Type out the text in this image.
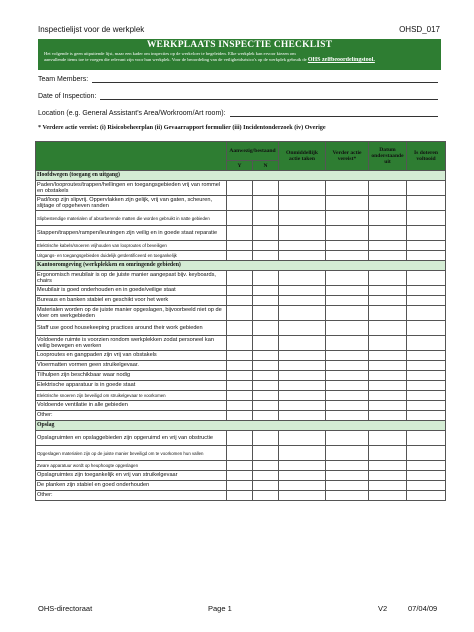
Inspectielijst voor de werkplek	OHSD_017
WERKPLAATS INSPECTIE CHECKLIST
Het volgende is geen uitputtende lijst, maar een kader om inspecties op de werkvloer te begeleiden. Elke werkplek kan ervoor kiezen om
aanvullende items toe te voegen die relevant zijn voor hun werkplek. Voor de beoordeling van de veiligheidsrisico's op de werkplek gebruik de OHS zelfbeoordelingstool.
Team Members:
Date of Inspection:
Location (e.g. General Assistant's Area/Workroom/Art room):
* Verdere actie vereist: (i) Risicobeheerplan (ii) Gevaarrapport formulier (iii) Incidentonderzoek (iv) Overige
	Aanwezig/bestaand		Onmiddellijk actie taken	Verder actie vereist*	Datum onderstaande uit	Is doteren voltooid
	Y	N				
Hoofdwegen (toegang en uitgang)						
Paden/looproutes/trappen/hellingen en toegangsgebieden vrij van rommel en obstakels						
Pad/loop zijn slipvrij. Oppervlakken zijn gelijk, vrij van gaten, scheuren, slijtage of opgeheven randen						
Slipbestendige materialen of absorberende matten die worden gebruikt in natte gebieden						
Stappen/trappen/rampen/leuningen zijn veilig en in goede staat reparatie						
Elektrische kabels/snoeren vrijhouden van looproutes of beveiligen						
Uitgangs- en toegangsgebieden duidelijk geïdentificeerd en toegankelijk						
Kantooromgeving (werkplekken en omringende gebieden)						
Ergonomisch meubilair is op de juiste manier aangepast bijv. keyboards, chairs						
Meubilair is goed onderhouden en in goede/veilige staat						
Bureaus en banken stabiel en geschikt voor het werk						
Materialen worden op de juiste manier opgeslagen, bijvoorbeeld niet op de vloer om werkgebieden						
Staff use good housekeeping practices around their work gebieden						
Voldoende ruimte is voorzien rondom werkplekken zodat personeel kan veilig bewegen en werken						
Looproutes en gangpaden zijn vrij van obstakels						
Vloermatten vormen geen struikelgevaar.						
Tilhulpen zijn beschikbaar waar nodig						
Elektrische apparatuur is in goede staat						
Elektrische snoeren zijn beveiligd om struikelgevaar te voorkomen						
Voldoende ventilatie in alle gebieden						
Other:						
Opslag						
Opslagruimten en opslaggebieden zijn opgeruimd en vrij van obstructie						
Opgeslagen materialen zijn op de juiste manier beveiligd om te voorkomen hun vallen						
Zware apparatuur wordt op heuphoogte opgeslagen						
Opslagruimtes zijn toegankelijk en vrij van struikelgevaar						
De planken zijn stabiel en goed onderhouden						
Other:						
OHS-directoraat	Page 1	V2	07/04/09
